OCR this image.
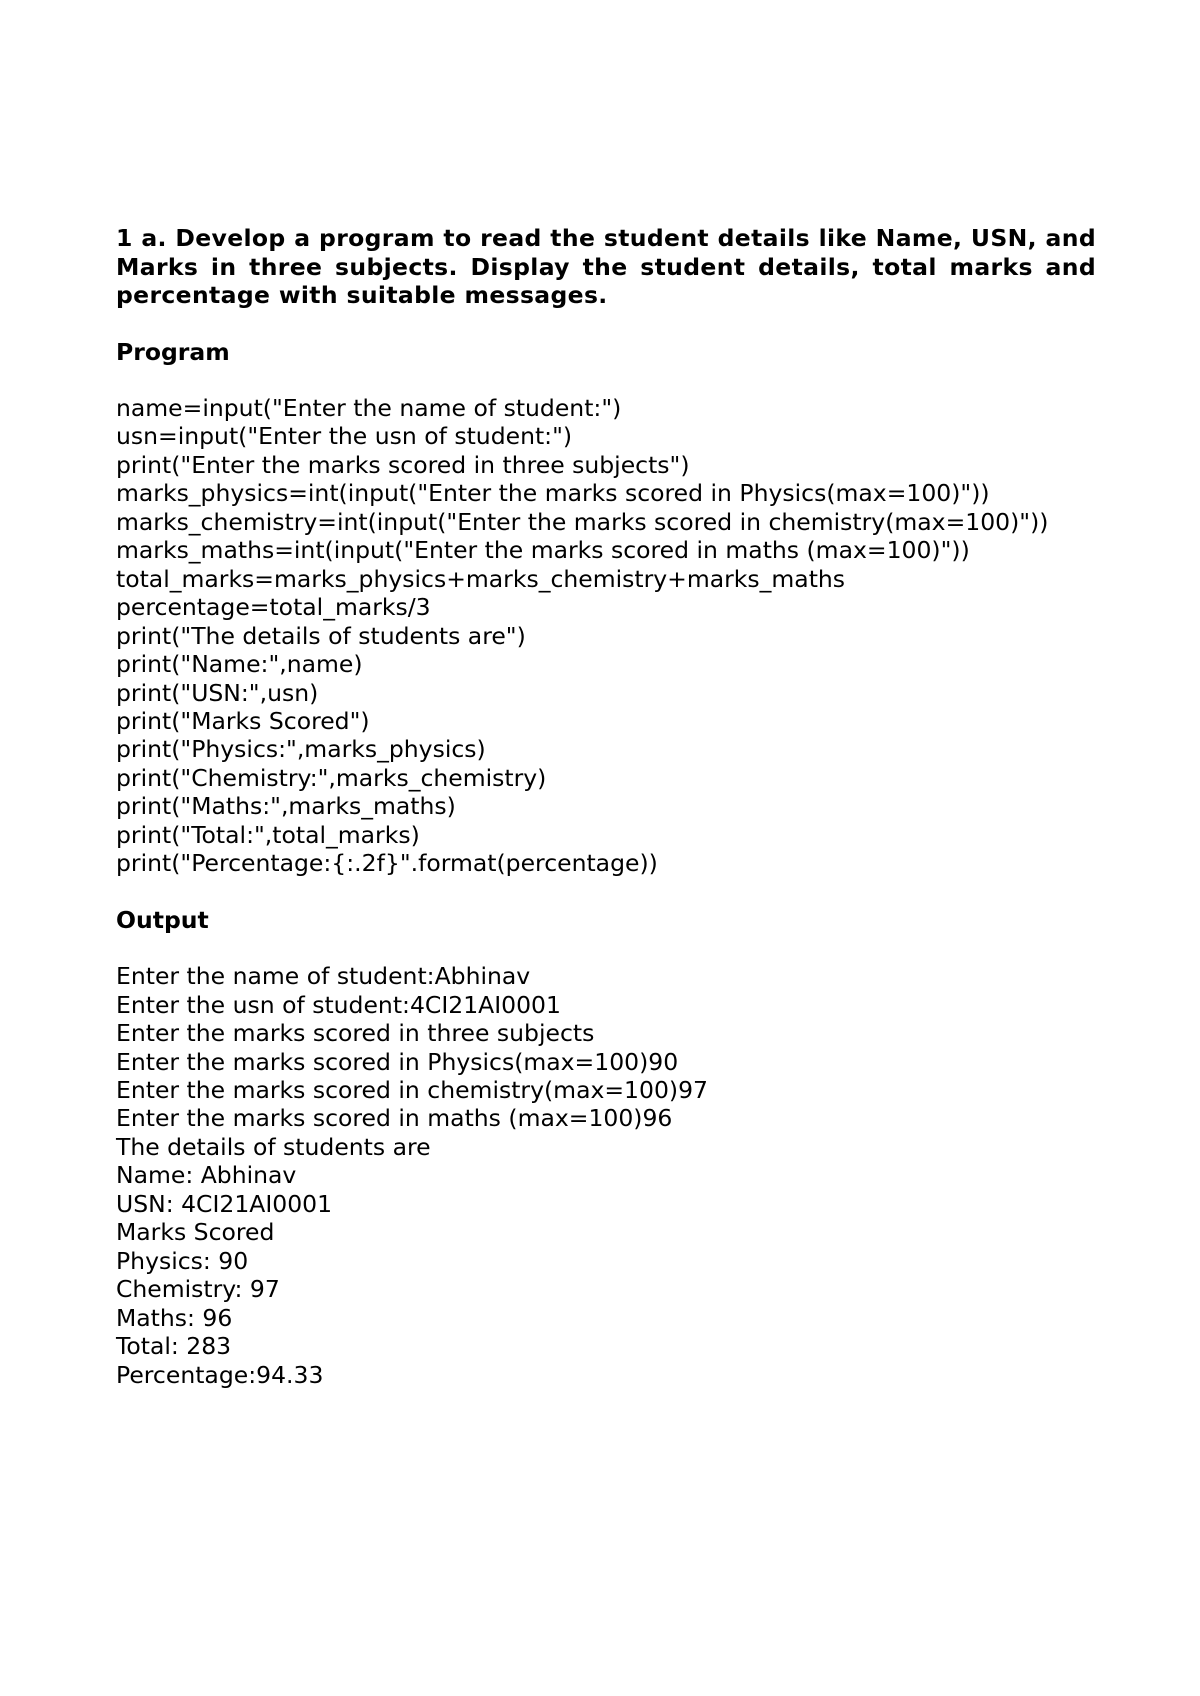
1 a. Develop a program to read the student details like Name, USN, and Marks in three subjects. Display the student details, total marks and percentage with suitable messages.

Program
name=input("Enter the name of student:")
usn=input("Enter the usn of student:")
print("Enter the marks scored in three subjects")
marks_physics=int(input("Enter the marks scored in Physics(max=100)"))
marks_chemistry=int(input("Enter the marks scored in chemistry(max=100)"))
marks_maths=int(input("Enter the marks scored in maths (max=100)"))
total_marks=marks_physics+marks_chemistry+marks_maths
percentage=total_marks/3
print("The details of students are")
print("Name:",name)
print("USN:",usn)
print("Marks Scored")
print("Physics:",marks_physics)
print("Chemistry:",marks_chemistry)
print("Maths:",marks_maths)
print("Total:",total_marks)
print("Percentage:{:.2f}".format(percentage))
Output
Enter the name of student:Abhinav
Enter the usn of student:4CI21AI0001
Enter the marks scored in three subjects
Enter the marks scored in Physics(max=100)90
Enter the marks scored in chemistry(max=100)97
Enter the marks scored in maths (max=100)96
The details of students are
Name: Abhinav
USN: 4CI21AI0001
Marks Scored
Physics: 90
Chemistry: 97
Maths: 96
Total: 283
Percentage:94.33
